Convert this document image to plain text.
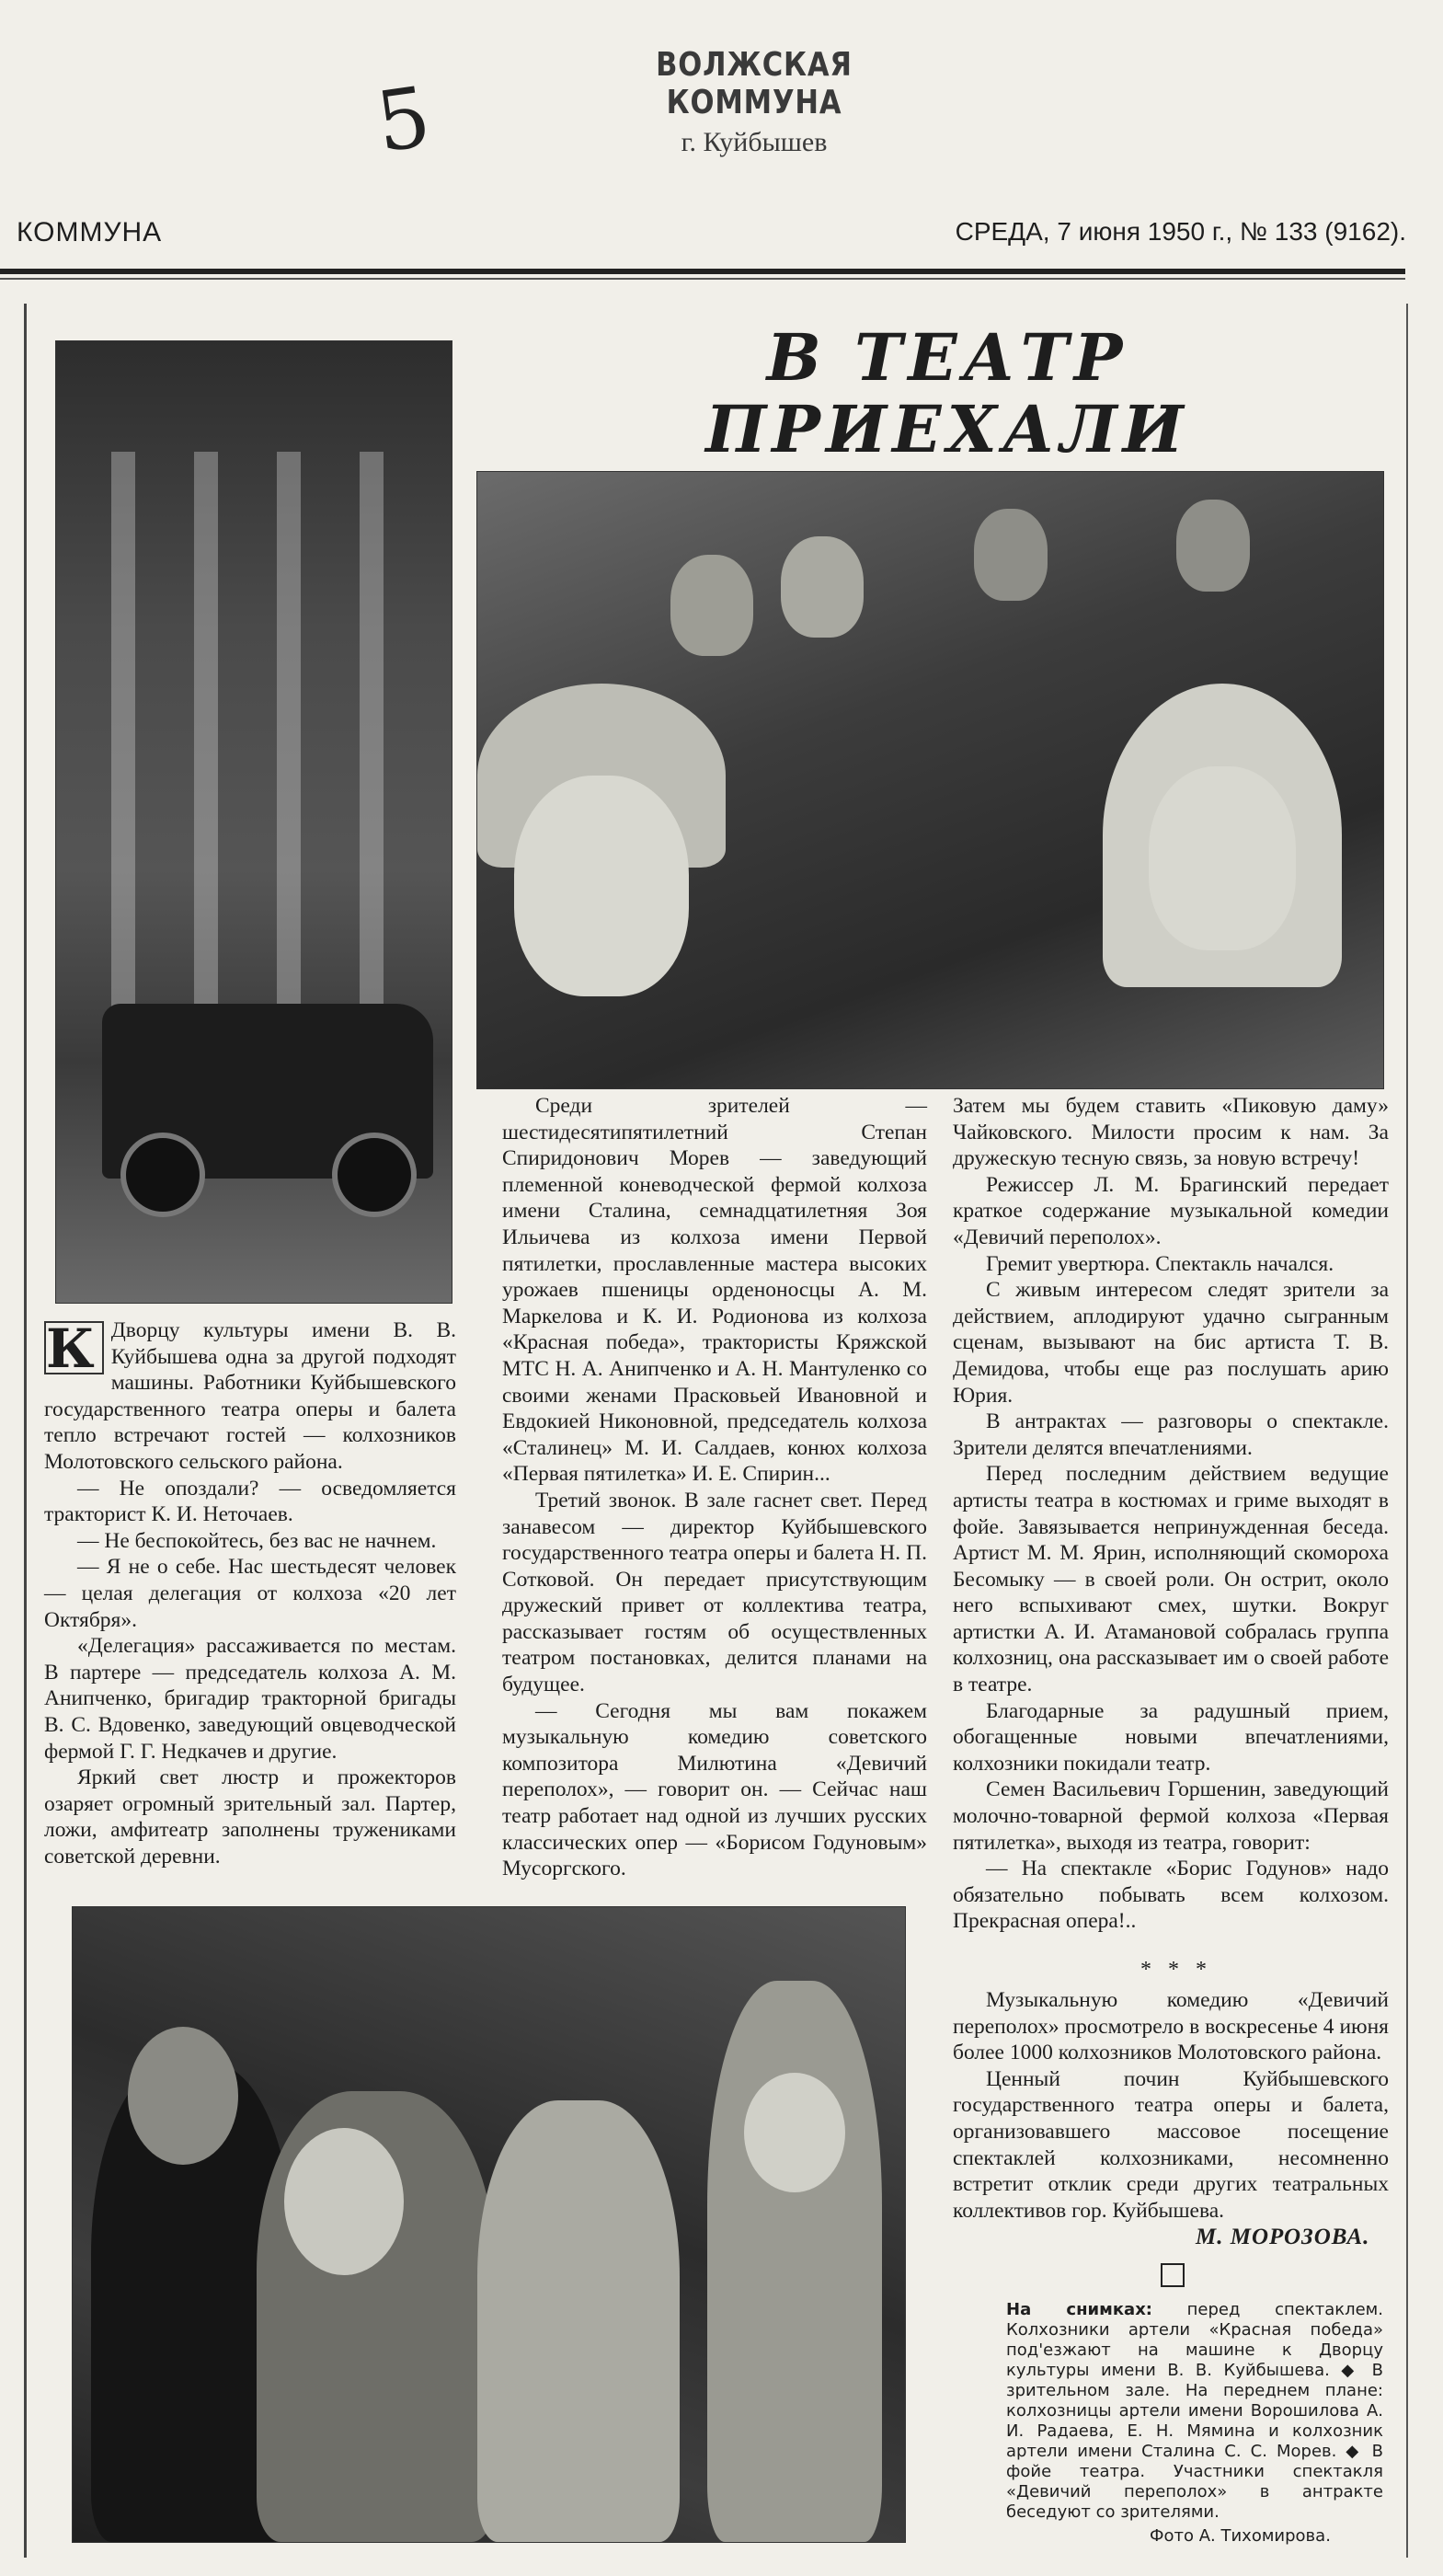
ВОЛЖСКАЯ КОММУНА
г. Куйбышев
5
КОММУНА	СРЕДА, 7 июня 1950 г., № 133 (9162).
В ТЕАТР ПРИЕХАЛИ

К Дворцу культуры имени В. В. Куйбышева одна за другой подходят машины. Работники Куйбышевского государственного театра оперы и балета тепло встречают гостей — колхозников Молотовского сельского района.

— Не опоздали? — осведомляется тракторист К. И. Неточаев.

— Не беспокойтесь, без вас не начнем.

— Я не о себе. Нас шестьдесят человек — целая делегация от колхоза «20 лет Октября».

«Делегация» рассаживается по местам. В партере — председатель колхоза А. М. Анипченко, бригадир тракторной бригады В. С. Вдовенко, заведующий овцеводческой фермой Г. Г. Недкачев и другие.

Яркий свет люстр и прожекторов озаряет огромный зрительный зал. Партер, ложи, амфитеатр заполнены тружениками советской деревни.

Среди зрителей — шестидесятипятилетний Степан Спиридонович Морев — заведующий племенной коневодческой фермой колхоза имени Сталина, семнадцатилетняя Зоя Ильичева из колхоза имени Первой пятилетки, прославленные мастера высоких урожаев пшеницы орденоносцы А. М. Маркелова и К. И. Родионова из колхоза «Красная победа», трактористы Кряжской МТС Н. А. Анипченко и А. Н. Мантуленко со своими женами Прасковьей Ивановной и Евдокией Никоновной, председатель колхоза «Сталинец» М. И. Салдаев, конюх колхоза «Первая пятилетка» И. Е. Спирин...

Третий звонок. В зале гаснет свет. Перед занавесом — директор Куйбышевского государственного театра оперы и балета Н. П. Сотковой. Он передает присутствующим дружеский привет от коллектива театра, рассказывает гостям об осуществленных театром постановках, делится планами на будущее.

— Сегодня мы вам покажем музыкальную комедию советского композитора Милютина «Девичий переполох», — говорит он. — Сейчас наш театр работает над одной из лучших русских классических опер — «Борисом Годуновым» Мусоргского.

Затем мы будем ставить «Пиковую даму» Чайковского. Милости просим к нам. За дружескую тесную связь, за новую встречу!

Режиссер Л. М. Брагинский передает краткое содержание музыкальной комедии «Девичий переполох».

Гремит увертюра. Спектакль начался.

С живым интересом следят зрители за действием, аплодируют удачно сыгранным сценам, вызывают на бис артиста Т. В. Демидова, чтобы еще раз послушать арию Юрия.

В антрактах — разговоры о спектакле. Зрители делятся впечатлениями.

Перед последним действием ведущие артисты театра в костюмах и гриме выходят в фойе. Завязывается непринужденная беседа. Артист М. М. Ярин, исполняющий скомороха Бесомыку — в своей роли. Он острит, около него вспыхивают смех, шутки. Вокруг артистки А. И. Атамановой собралась группа колхозниц, она рассказывает им о своей работе в театре.

Благодарные за радушный прием, обогащенные новыми впечатлениями, колхозники покидали театр.

Семен Васильевич Горшенин, заведующий молочно-товарной фермой колхоза «Первая пятилетка», выходя из театра, говорит:

— На спектакле «Борис Годунов» надо обязательно побывать всем колхозом. Прекрасная опера!..

* * *

Музыкальную комедию «Девичий переполох» просмотрело в воскресенье 4 июня более 1000 колхозников Молотовского района.

Ценный почин Куйбышевского государственного театра оперы и балета, организовавшего массовое посещение спектаклей колхозниками, несомненно встретит отклик среди других театральных коллективов гор. Куйбышева.

М. МОРОЗОВА.
На снимках: перед спектаклем. Колхозники артели «Красная победа» под'езжают на машине к Дворцу культуры имени В. В. Куйбышева. ◆ В зрительном зале. На переднем плане: колхозницы артели имени Ворошилова А. И. Радаева, Е. Н. Мямина и колхозник артели имени Сталина С. С. Морев. ◆ В фойе театра. Участники спектакля «Девичий переполох» в антракте беседуют со зрителями.
Фото А. Тихомирова.
